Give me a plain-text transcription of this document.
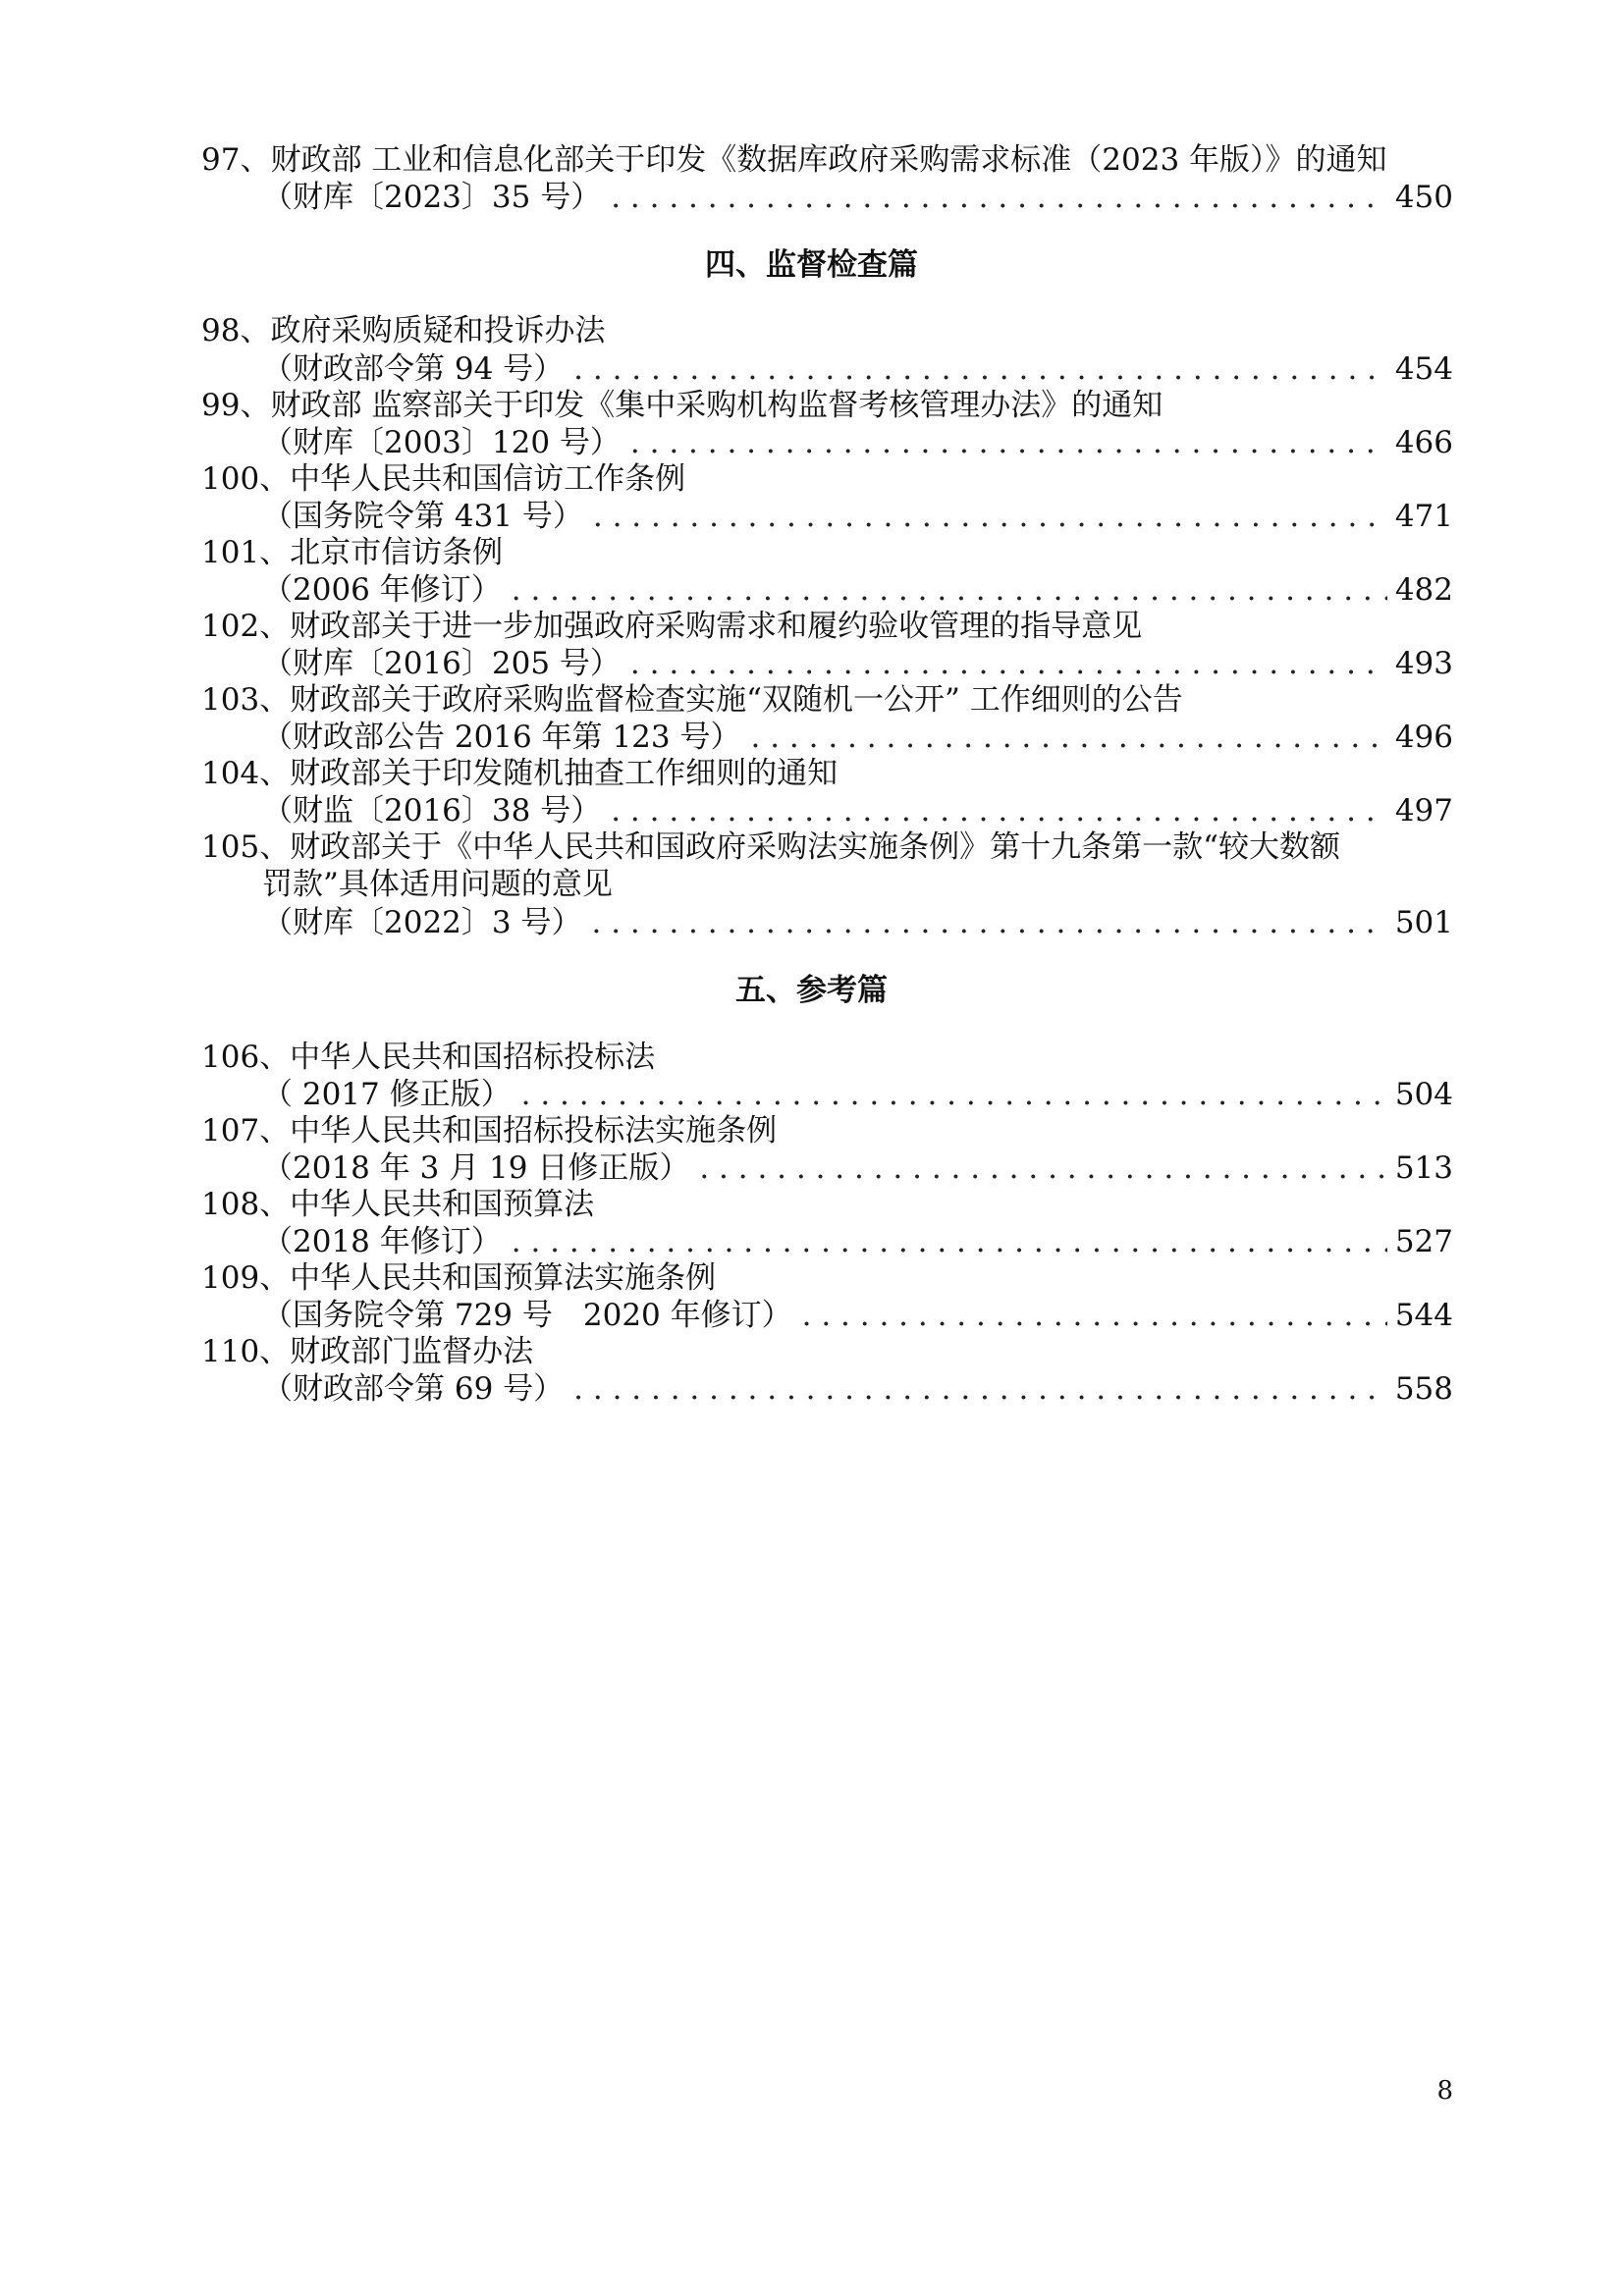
97、财政部 工业和信息化部关于印发《数据库政府采购需求标准（2023 年版）》的通知
（财库〔2023〕35 号） . . .	450
四、监督检查篇
98、政府采购质疑和投诉办法
（财政部令第 94 号） . . .	454
99、财政部 监察部关于印发《集中采购机构监督考核管理办法》的通知
（财库〔2003〕120 号） . . .	466
100、中华人民共和国信访工作条例
（国务院令第 431 号） . . .	471
101、北京市信访条例
（2006 年修订） . . .	482
102、财政部关于进一步加强政府采购需求和履约验收管理的指导意见
（财库〔2016〕205 号） . . .	493
103、财政部关于政府采购监督检查实施“双随机一公开” 工作细则的公告
（财政部公告 2016 年第 123 号） . . .	496
104、财政部关于印发随机抽查工作细则的通知
（财监〔2016〕38 号） . . .	497
105、财政部关于《中华人民共和国政府采购法实施条例》第十九条第一款“较大数额
罚款”具体适用问题的意见
（财库〔2022〕3 号） . . .	501
五、参考篇
106、中华人民共和国招标投标法
（ 2017 修正版） . . .	504
107、中华人民共和国招标投标法实施条例
（2018 年 3 月 19 日修正版） . . .	513
108、中华人民共和国预算法
（2018 年修订） . . .	527
109、中华人民共和国预算法实施条例
（国务院令第 729 号　2020 年修订） . . .	544
110、财政部门监督办法
（财政部令第 69 号） . . .	558
8
